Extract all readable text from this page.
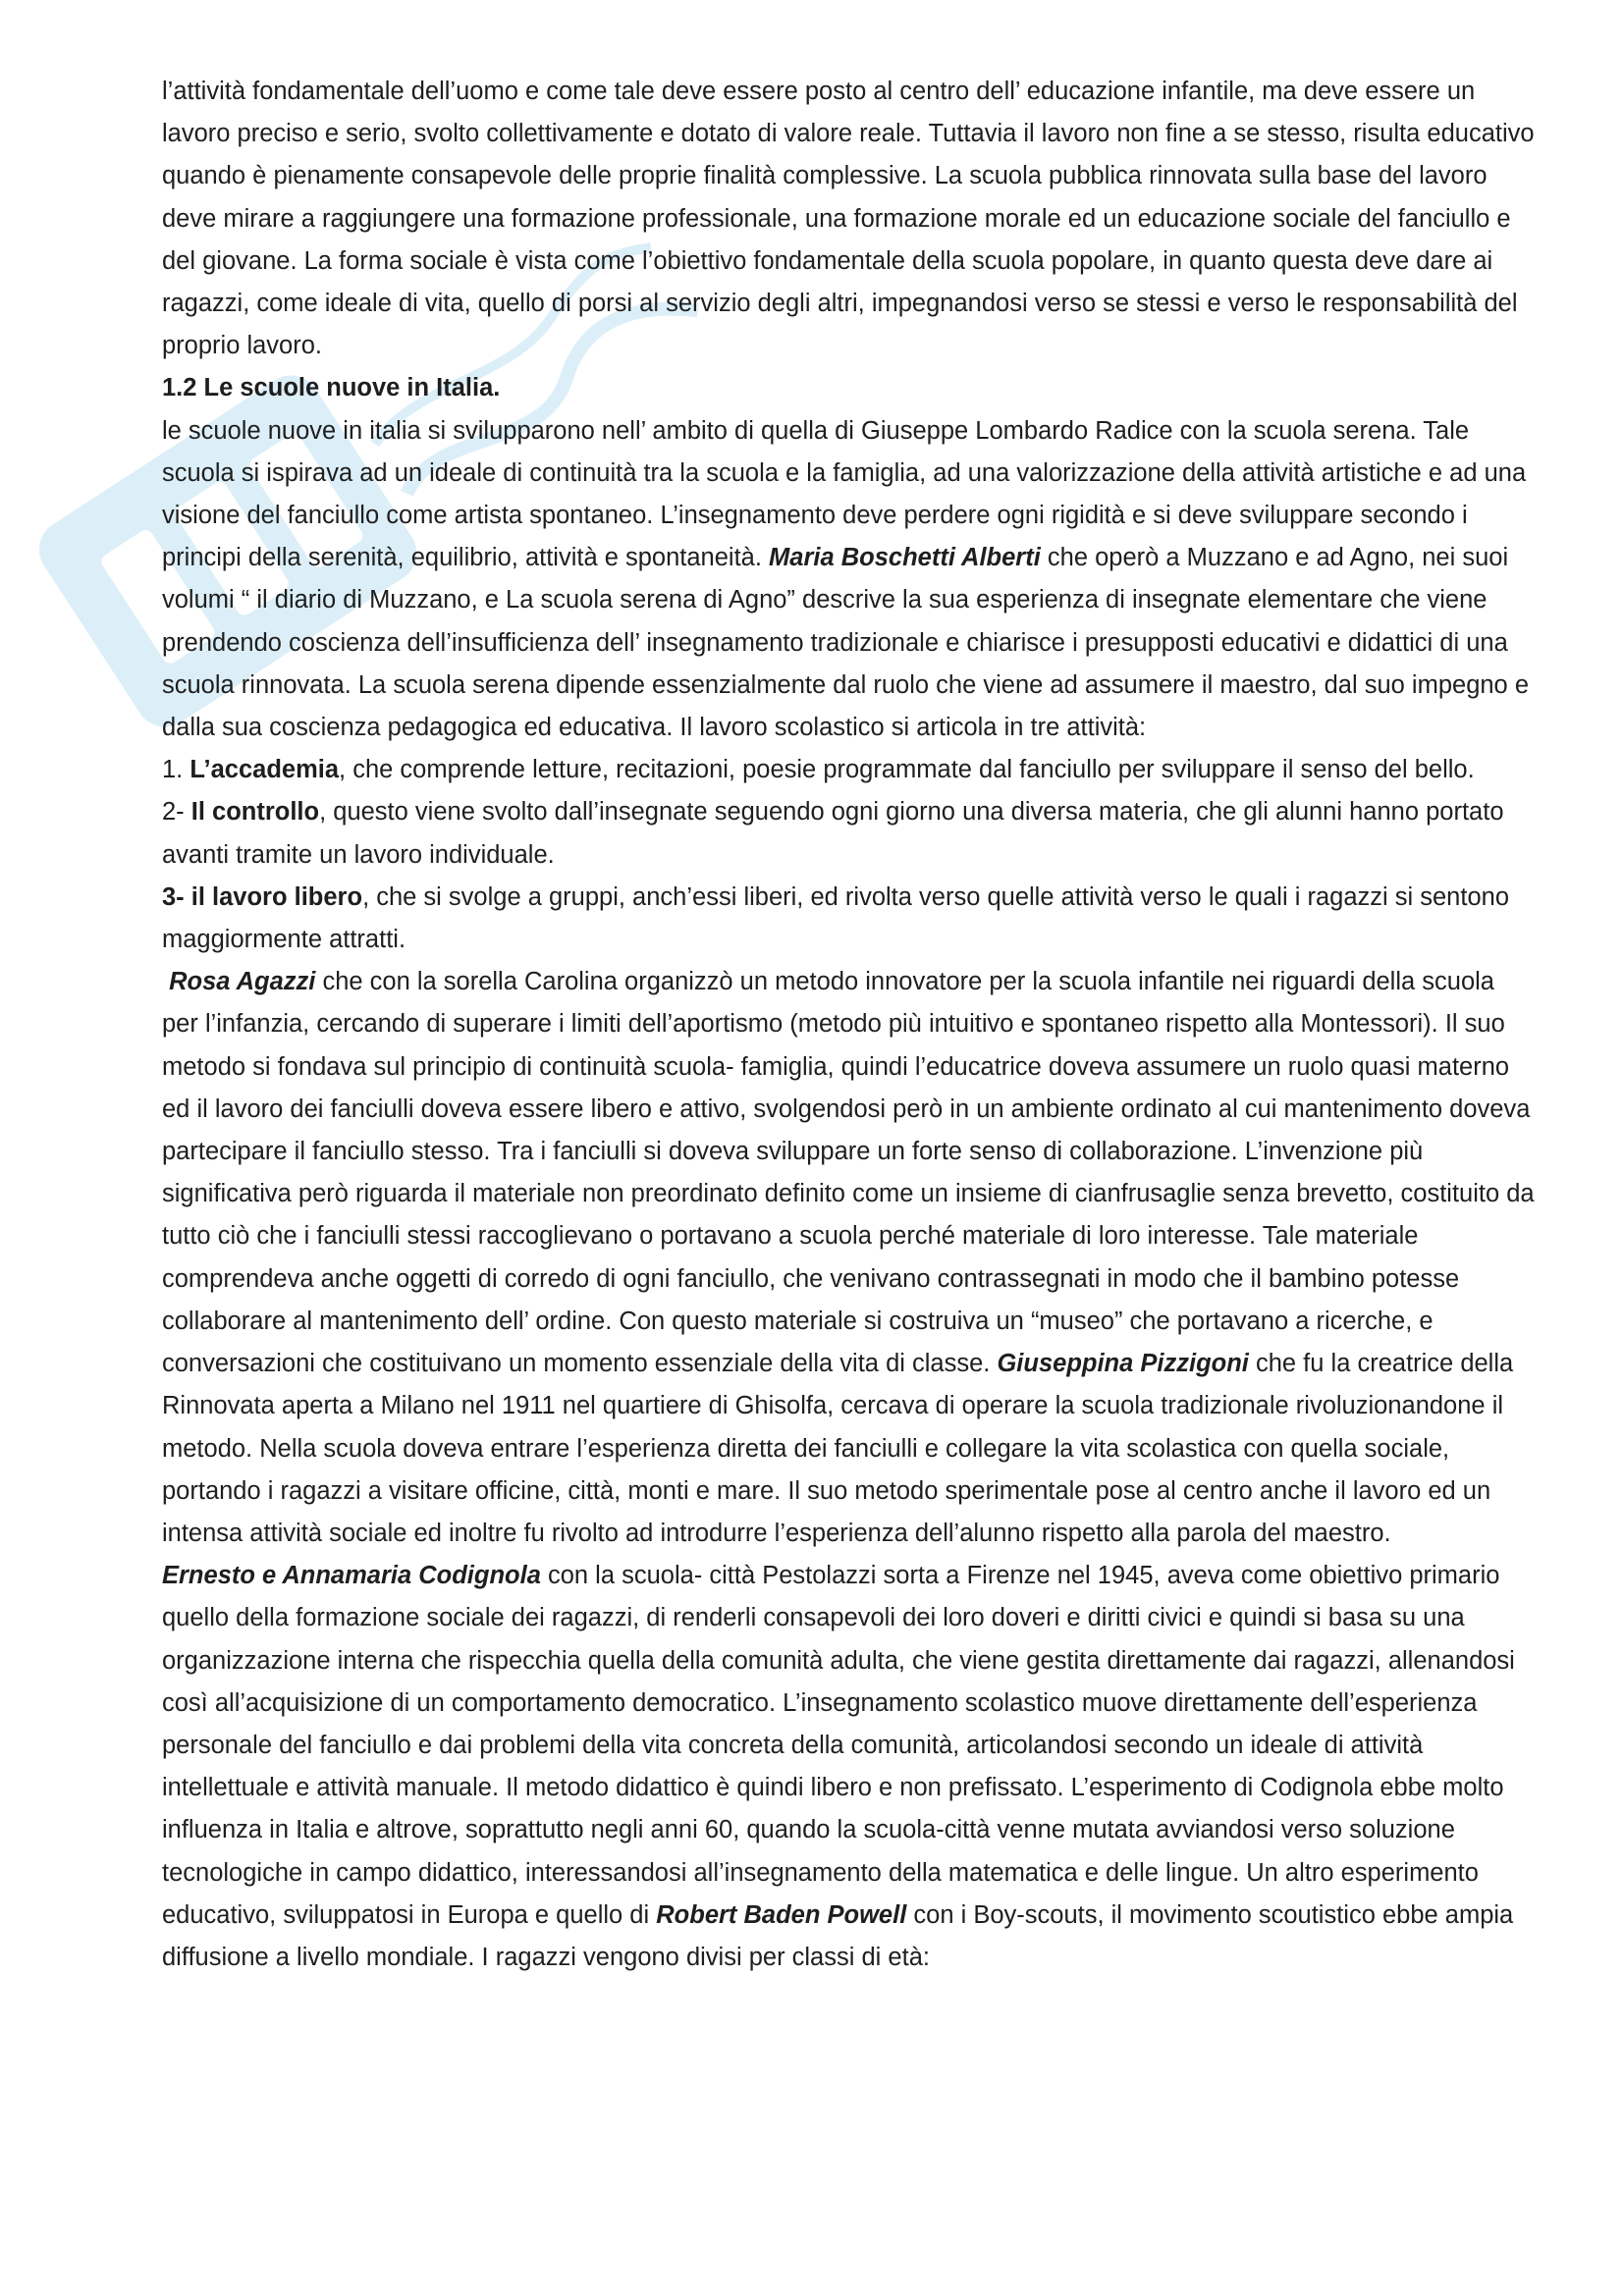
l’attività fondamentale dell’uomo e come tale deve essere posto al centro dell’ educazione infantile, ma deve essere un lavoro preciso e serio, svolto collettivamente e dotato di valore reale. Tuttavia il lavoro non fine a se stesso, risulta educativo quando è pienamente consapevole delle proprie finalità complessive. La scuola pubblica rinnovata sulla base del lavoro deve mirare a raggiungere una formazione professionale, una formazione morale ed un educazione sociale del fanciullo e del giovane. La forma sociale è vista come l’obiettivo fondamentale della scuola popolare, in quanto questa deve dare ai ragazzi, come ideale di vita, quello di porsi al servizio degli altri, impegnandosi verso se stessi e verso le responsabilità del proprio lavoro.

1.2 Le scuole nuove in Italia.

le scuole nuove in italia si svilupparono nell’ ambito di quella di Giuseppe Lombardo Radice con la scuola serena. Tale scuola si ispirava ad un ideale di continuità tra la scuola e la famiglia, ad una valorizzazione della attività artistiche e ad una visione del fanciullo come artista spontaneo. L’insegnamento deve perdere ogni rigidità e si deve sviluppare secondo i principi della serenità, equilibrio, attività e spontaneità. Maria Boschetti Alberti che operò a Muzzano e ad Agno, nei suoi volumi “ il diario di Muzzano, e La scuola serena di Agno” descrive la sua esperienza di insegnate elementare che viene prendendo coscienza dell’insufficienza dell’ insegnamento tradizionale e chiarisce i presupposti educativi e didattici di una scuola rinnovata. La scuola serena dipende essenzialmente dal ruolo che viene ad assumere il maestro, dal suo impegno e dalla sua coscienza pedagogica ed educativa. Il lavoro scolastico si articola in tre attività:

1. L’accademia, che comprende letture, recitazioni, poesie programmate dal fanciullo per sviluppare il senso del bello.

2- Il controllo, questo viene svolto dall’insegnate seguendo ogni giorno una diversa materia, che gli alunni hanno portato avanti tramite un lavoro individuale.

3- il lavoro libero, che si svolge a gruppi, anch’essi liberi, ed rivolta verso quelle attività verso le quali i ragazzi si sentono maggiormente attratti.

Rosa Agazzi che con la sorella Carolina organizzò un metodo innovatore per la scuola infantile nei riguardi della scuola per l’infanzia, cercando di superare i limiti dell’aportismo (metodo più intuitivo e spontaneo rispetto alla Montessori). Il suo metodo si fondava sul principio di continuità scuola- famiglia, quindi l’educatrice doveva assumere un ruolo quasi materno ed il lavoro dei fanciulli doveva essere libero e attivo, svolgendosi però in un ambiente ordinato al cui mantenimento doveva partecipare il fanciullo stesso. Tra i fanciulli si doveva sviluppare un forte senso di collaborazione. L’invenzione più significativa però riguarda il materiale non preordinato definito come un insieme di cianfrusaglie senza brevetto, costituito da tutto ciò che i fanciulli stessi raccoglievano o portavano a scuola perché materiale di loro interesse. Tale materiale comprendeva anche oggetti di corredo di ogni fanciullo, che venivano contrassegnati in modo che il bambino potesse collaborare al mantenimento dell’ ordine. Con questo materiale si costruiva un “museo” che portavano a ricerche, e conversazioni che costituivano un momento essenziale della vita di classe. Giuseppina Pizzigoni che fu la creatrice della Rinnovata aperta a Milano nel 1911 nel quartiere di Ghisolfa, cercava di operare la scuola tradizionale rivoluzionandone il metodo. Nella scuola doveva entrare l’esperienza diretta dei fanciulli e collegare la vita scolastica con quella sociale, portando i ragazzi a visitare officine, città, monti e mare. Il suo metodo sperimentale pose al centro anche il lavoro ed un intensa attività sociale ed inoltre fu rivolto ad introdurre l’esperienza dell’alunno rispetto alla parola del maestro.

Ernesto e Annamaria Codignola con la scuola- città Pestolazzi sorta a Firenze nel 1945, aveva come obiettivo primario quello della formazione sociale dei ragazzi, di renderli consapevoli dei loro doveri e diritti civici e quindi si basa su una organizzazione interna che rispecchia quella della comunità adulta, che viene gestita direttamente dai ragazzi, allenandosi così all’acquisizione di un comportamento democratico. L’insegnamento scolastico muove direttamente dell’esperienza personale del fanciullo e dai problemi della vita concreta della comunità, articolandosi secondo un ideale di attività intellettuale e attività manuale. Il metodo didattico è quindi libero e non prefissato. L’esperimento di Codignola ebbe molto influenza in Italia e altrove, soprattutto negli anni 60, quando la scuola-città venne mutata avviandosi verso soluzione tecnologiche in campo didattico, interessandosi all’insegnamento della matematica e delle lingue. Un altro esperimento educativo, sviluppatosi in Europa e quello di Robert Baden Powell con i Boy-scouts, il movimento scoutistico ebbe ampia diffusione a livello mondiale. I ragazzi vengono divisi per classi di età:
